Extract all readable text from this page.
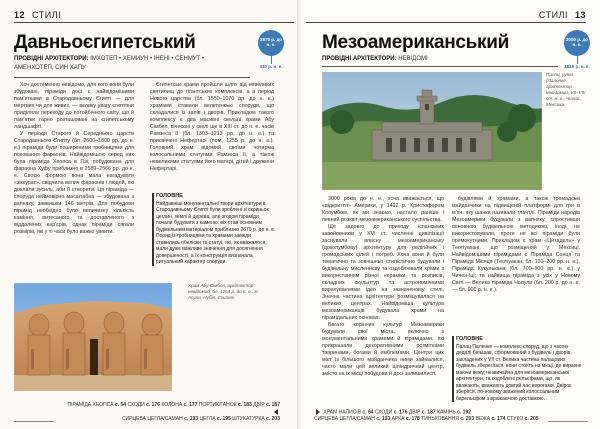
12 СТИЛІ
Давньоєгипетський
ПРОВІДНІ АРХІТЕКТОРИ: ІМХОТЕП • ХЕМИУН • ІНЕНІ • СЕНМУТ • АМЕНХОТЕП, СИН ХАПУ
2670 р. до н. е.
330 р. н. е.

Хоч достеменно невідомо, для кого вони були збудовані, піраміди досі є найвідомішими пам'ятками в Стародавньому Єгипті — для мертвих чи для живих, — велику увагу єгиптяни приділяли переходу до потойбічного світу, що й пам'ятки гарно розташовані на єгипетському ландшафті.

У періоди Старого й Середнього царств Стародавнього Єгипту (бл. 2600–1800 рр. до н. е.) піраміди були поширеними гробницями для поховання фараонів. Найвідомішою серед них була піраміда Хеопса в Гізі, побудована для фараона Хуфу приблизно в 2589–2566 рр. до н. е. Своєю формою вона мала нагадувати «зіккурат», свідчила велич фараонів і людей, які доклали зусиль, аби її створити. Ця піраміда — споруда неймовірно масштабна — збудована з вапняку, заввишки 146 метрів. Для побудови пірамід необхідно було величезну кількість каміння, витесаного та доставленого з віддалених кар'єрів, однак піраміди сягали розмірів, які у ті часи було важко уявити.

Єгипетські храми пройшли шлях від невеликих святилищ до гігантських комплексів, а в період Нового царства (бл. 1550–1070 рр. до н. е.) храмами ставали велетенські споруди, що складалися із залів і дворів. Прикладом такого комплексу є два масивні скельні храми Абу Сімбел, вічесані у скелі ще в XIII ст. до н. е. часів Рамзеса II (бл. 1303–1213 рр. до н. е.) та присвячені Нефертарі (пом. 1255 р. до н. е.). Головний храм відомий своїми чотирма колосальними статуями Рамзеса II, а також невеликими статуями його матері, дітей і дружини Нефертарі.

ГОЛОВНЕ
Найдавніші монументальні твори архітектури в Стародавньому Єгипті були зроблені зі скриньок цеглин, землі й дерева, але згодом піраміди почали будувати з каменю: віх став основним будівельним матеріалом приблизно 2670 р. до н. е. Поряд із гробницями та храмами завжди ставились обеліски та статуї, які, як вважалося, мали дуже важливе значення для досягнення довершеності, а їх конструкція визначала ритуальний характер споруди.
Храм Абу-Сімбел, архітектор невідомий, бл. 1264 р. до н. е., м. Асуан, Нубія, Єгипет.
ПІРАМІДА ХЕОПСА с. 54 СХОДИ с. 176 КОЛОНА с. 177 ПОРТИК/ГАНОК с. 183 ДВІР с. 187
СИРЦЕВА ЦЕГЛА/САМАН с. 193 ЦЕГЛА с. 195 ШТУКАТУРКА с. 203
СТИЛІ 13
Мезоамериканський
ПРОВІДНІ АРХІТЕКТОРИ: НЕВІДОМІ
2000 р. до н. е.
1519 р. н. е.
Палац, руїни (Паленке, архітектор невідомий, VII–VIII ст. н. е., Чіапас, Мексика.

3000 років до н. е., хоча вважається, що «відкриття» Америки, у 1492 р. Христофором Колумбом, як ми знаємо, настало раніше і певний розквіт мезоамериканського суспільства.

Ще задовго до приходу іспанських завойовників у XVI ст. численні цивілізації заснували власну мезоамериканську (доколумбову) архітектуру для релігійних і громадських цілей і потреб. Хоча вони й були тематично та зовнішньо стилістично будували і будівельну мисленнєву та оздоблювали храми з використанням різної кераміки та розписів, складних скульптур та астрономічними вирахуваннями ідео на зазначеному стилі. Значна частина архітектури розміщувалася на великих центрах. Найвідоміша культура мезоамериканців будувала храми на пірамідальних основах.

Багато корінних культур Мезоамерики будували свої міста, включно з монументальними храмами й пірамідами, які прикрашали декоративними розмітками тваринами, богами й емблемами. Центри цих міст із більшого майданчика ними займалися, часто мали цей великий ціліндричний центр, змісто на іх місці побудови й досі залишилися.

будівлями й храмами, а також громадські майданчики на підвищеній платформі для гри в м'яч, яку шанки називали тлачтлі. Піраміди народів Мезоамерики будували з вапняку, спростивши основною будівельною методикою, іноді, не використовували, проте не всі піраміди були прямокутними. Прикладом є храм «Цитадель» у Теотіуакані, що розміщений у Мексиці. Найвідомішими пірамідами є Піраміда Сонця та Піраміда Місяця (Теотіуакан, бл. 100–200 рр. н. е.), Піраміда Кукулькана (бл. 700–900 рр. н. е.) у Чичен-Іці; та найвища піраміда з усіх у Новому Світі — Велика піраміда Чолули (бл. 200 р. до н. е. — бл. 900 р. н. е.).

ГОЛОВНЕ
Палац Паленке — комплекс споруд, що з часом дедалі більшав, сформований з будівель і дворів, закладених у VII ст. Велика частина палацових будівель збереглася, вони стоять на місці, де виразне маючи вежу, незвичайна для мезоамериканської архітектури, та оздоблені рельєфами, що, як вважають, вважають довгий час ворогами. Двірок зберігся, по-новому зважений колоссальним барельєфом з вражаючою доставкою.
ХРАМ НАПИСІВ с. 64 СХОДИ с. 176 ДВІР с. 187 КАМІНЬ с. 192
СИРЦЕВА ЦЕГЛА/САМАН с. 193 АРКА с. 178 ТИНЬКОВАННЯ с. 203 ВЕЖА с. 174 СТУКО с. 205
